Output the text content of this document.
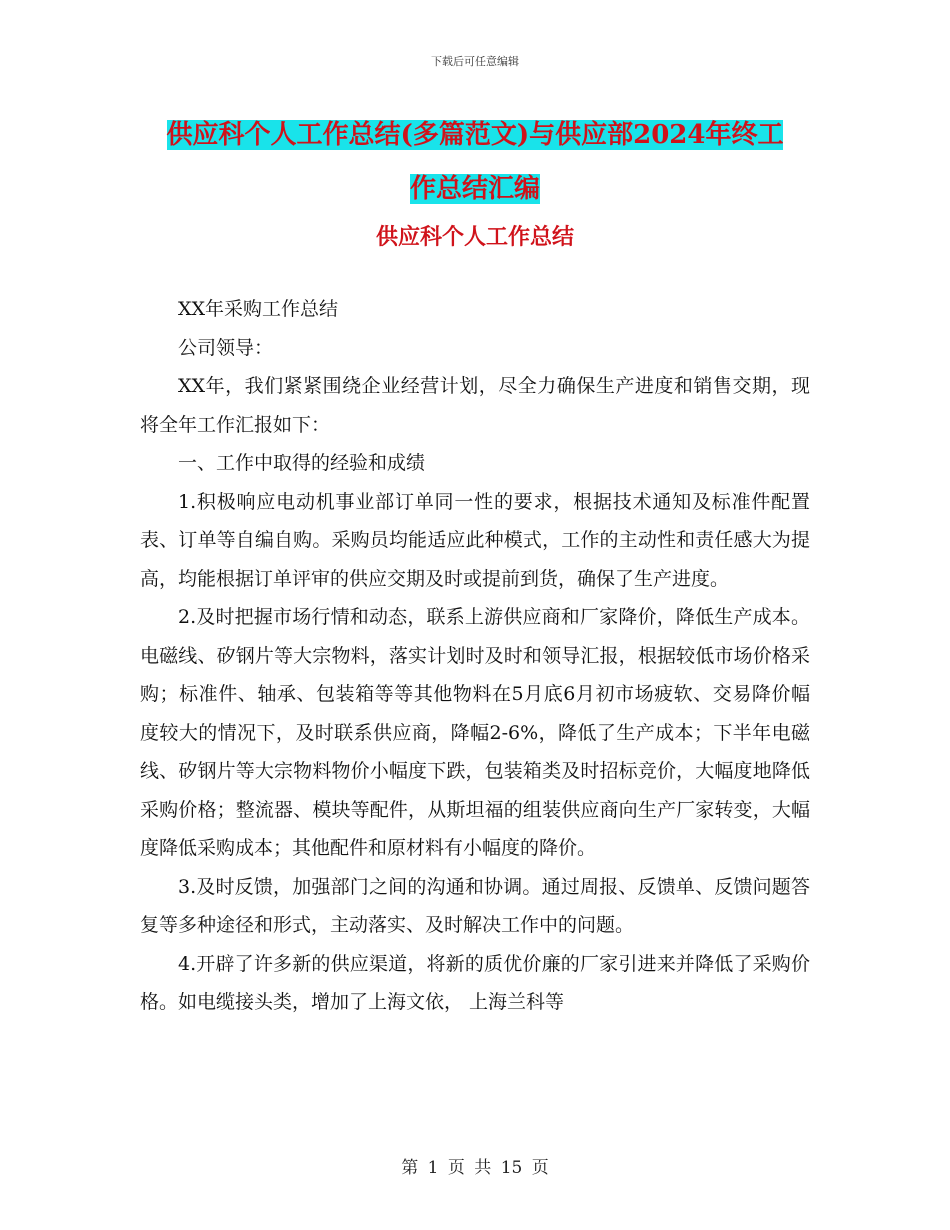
下载后可任意编辑
供应科个人工作总结(多篇范文)与供应部2024年终工
作总结汇编
供应科个人工作总结

XX年采购工作总结

公司领导：

XX年，我们紧紧围绕企业经营计划，尽全力确保生产进度和销售交期，现将全年工作汇报如下：

一、工作中取得的经验和成绩

1.积极响应电动机事业部订单同一性的要求，根据技术通知及标准件配置表、订单等自编自购。采购员均能适应此种模式，工作的主动性和责任感大为提高，均能根据订单评审的供应交期及时或提前到货，确保了生产进度。

2.及时把握市场行情和动态，联系上游供应商和厂家降价，降低生产成本。电磁线、矽钢片等大宗物料，落实计划时及时和领导汇报，根据较低市场价格采购；标准件、轴承、包装箱等等其他物料在5月底6月初市场疲软、交易降价幅度较大的情况下，及时联系供应商，降幅2-6%，降低了生产成本；下半年电磁线、矽钢片等大宗物料物价小幅度下跌，包装箱类及时招标竞价，大幅度地降低采购价格；整流器、模块等配件，从斯坦福的组装供应商向生产厂家转变，大幅度降低采购成本；其他配件和原材料有小幅度的降价。

3.及时反馈，加强部门之间的沟通和协调。通过周报、反馈单、反馈问题答复等多种途径和形式，主动落实、及时解决工作中的问题。

4.开辟了许多新的供应渠道，将新的质优价廉的厂家引进来并降低了采购价格。如电缆接头类，增加了上海文依， 上海兰科等

第 1 页 共 15 页
